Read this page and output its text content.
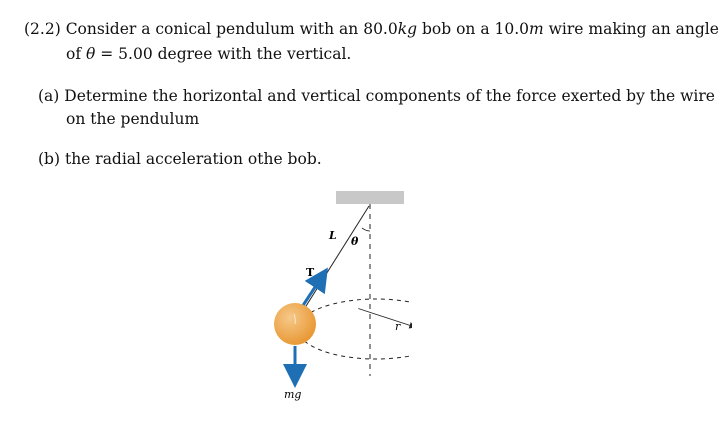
(2.2) Consider a conical pendulum with an 80.0kg bob on a 10.0m wire making an angle
of θ = 5.00 degree with the vertical.
(a) Determine the horizontal and vertical components of the force exerted by the wire
on the pendulum
(b) the radial acceleration othe bob.
L θ
T
r
mg
